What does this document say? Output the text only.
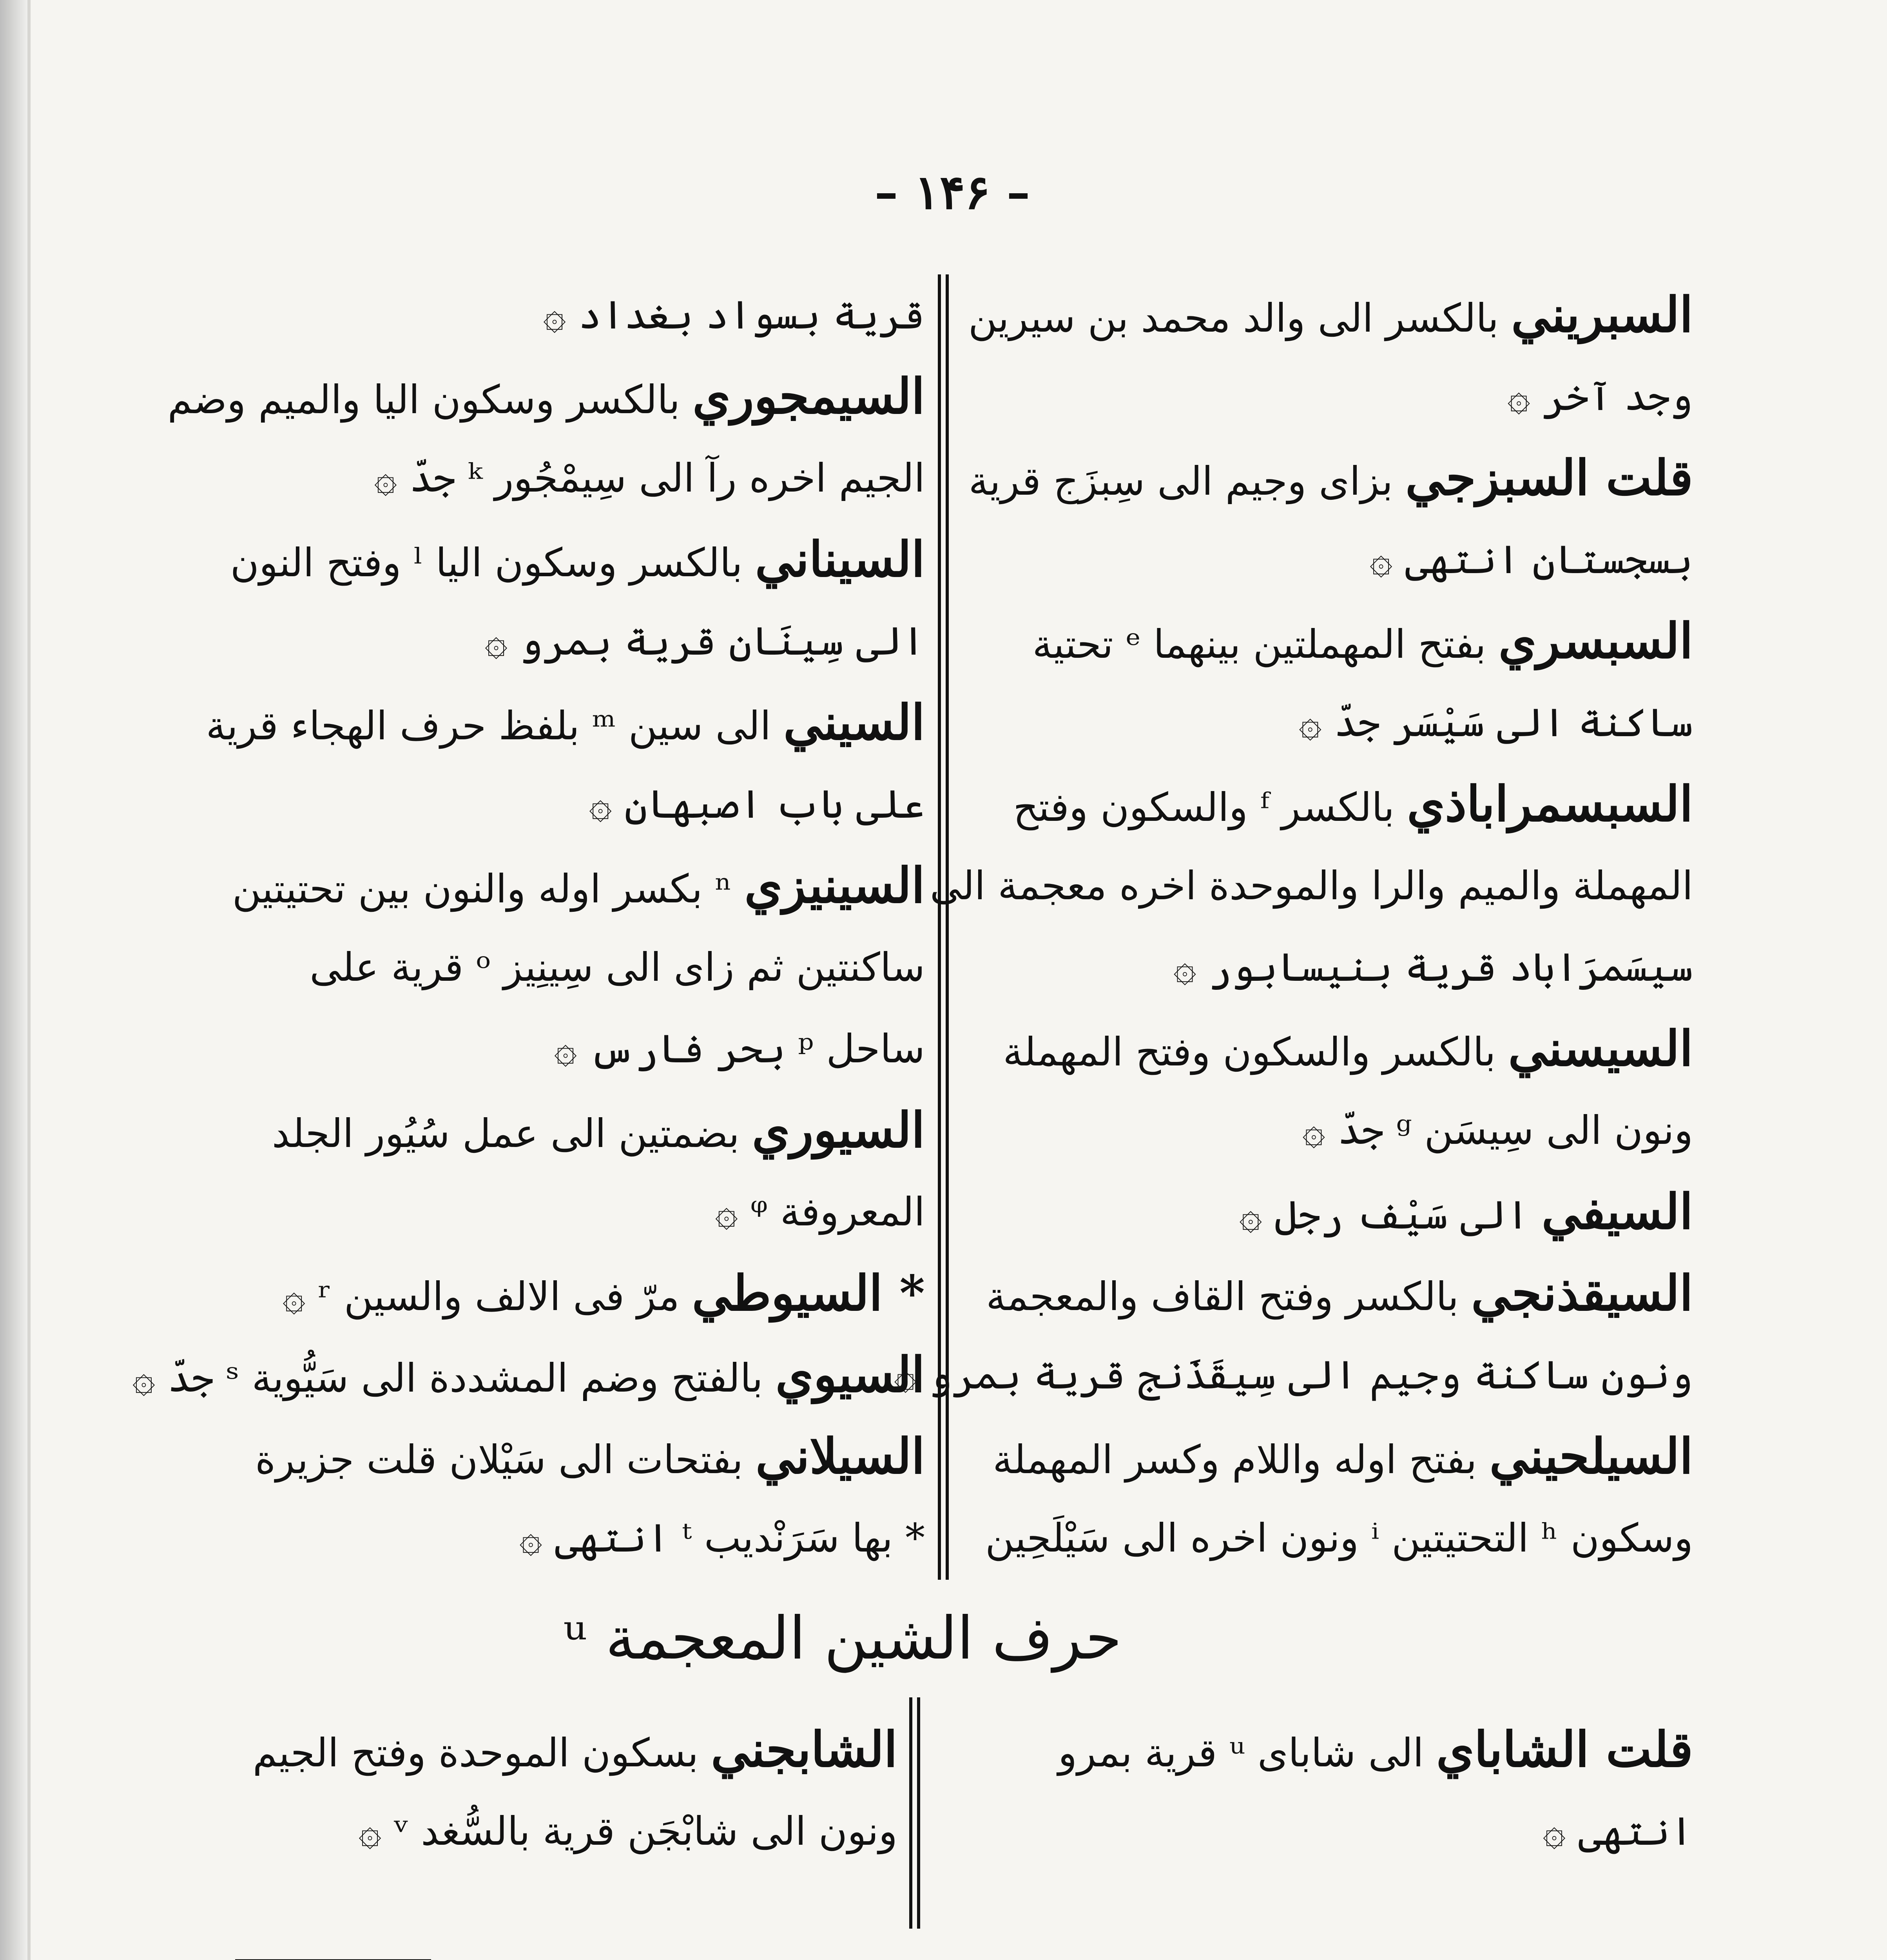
– ۱۴۶ –
السبريني بالكسر الى والد محمد بن سيرين
وجد آخر ۞
قلت السبزجي بزاى وجيم الى سِبزَج قرية
بسجستان انتهى ۞
السبسري بفتح المهملتين بينهما ᵉ تحتية
ساكنة الى سَيْسَر جدّ ۞
السبسمراباذي بالكسر ᶠ والسكون وفتح
المهملة والميم والرا والموحدة اخره معجمة الى
سيسَمرَاباد قرية بنيسابور ۞
السيسني بالكسر والسكون وفتح المهملة
ونون الى سِيسَن ᵍ جدّ ۞
السيفي الى سَيْف رجل ۞
السيقذنجي بالكسر وفتح القاف والمعجمة
ونون ساكنة وجيم الى سِيقَذَنج قرية بمرو ۞
السيلحيني بفتح اوله واللام وكسر المهملة
وسكون ʰ التحتيتين ⁱ ونون اخره الى سَيْلَحِين
قرية بسواد بغداد ۞
السيمجوري بالكسر وسكون اليا والميم وضم
الجيم اخره رآ الى سِيمْجُور ᵏ جدّ ۞
السيناني بالكسر وسكون اليا ˡ وفتح النون
الى سِينَان قرية بمرو ۞
السيني الى سين ᵐ بلفظ حرف الهجاء قرية
على باب اصبهان ۞
السينيزي ⁿ بكسر اوله والنون بين تحتيتين
ساكنتين ثم زاى الى سِينِيز ᵒ قرية على
ساحل ᵖ بحر فارس ۞
السيوري بضمتين الى عمل سُيُور الجلد
المعروفة ᵠ ۞
* السيوطي مرّ فى الالف والسين ʳ ۞
السيوي بالفتح وضم المشددة الى سَيُّوية ˢ جدّ ۞
السيلاني بفتحات الى سَيْلان قلت جزيرة
* بها سَرَنْديب ᵗ انتهى ۞
حرف الشين المعجمة ᵘ
قلت الشاباي الى شاباى ᵘ قرية بمرو
انتهى ۞
الشابجني بسكون الموحدة وفتح الجيم
ونون الى شابْجَن قرية بالسُّغد ᵛ ۞
